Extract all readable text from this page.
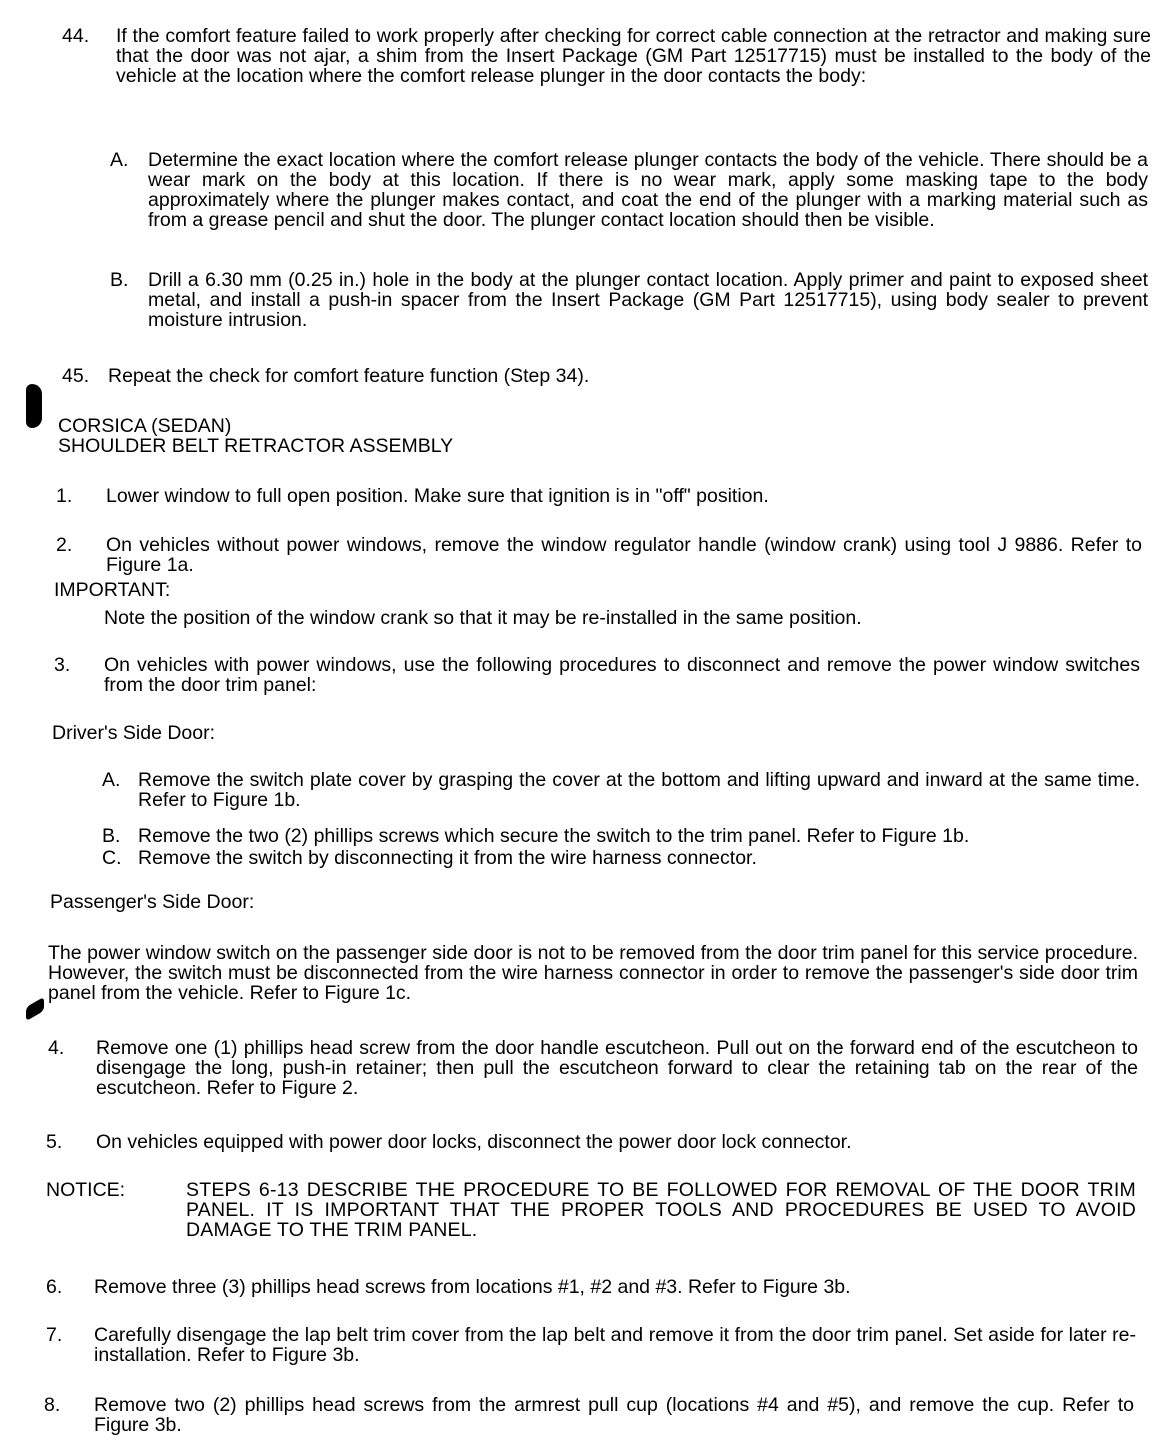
44. If the comfort feature failed to work properly after checking for correct cable connection at the retractor and making sure that the door was not ajar, a shim from the Insert Package (GM Part 12517715) must be installed to the body of the vehicle at the location where the comfort release plunger in the door contacts the body:
A. Determine the exact location where the comfort release plunger contacts the body of the vehicle. There should be a wear mark on the body at this location. If there is no wear mark, apply some masking tape to the body approximately where the plunger makes contact, and coat the end of the plunger with a marking material such as from a grease pencil and shut the door. The plunger contact location should then be visible.
B. Drill a 6.30 mm (0.25 in.) hole in the body at the plunger contact location. Apply primer and paint to exposed sheet metal, and install a push-in spacer from the Insert Package (GM Part 12517715), using body sealer to prevent moisture intrusion.
45. Repeat the check for comfort feature function (Step 34).
CORSICA (SEDAN)
SHOULDER BELT RETRACTOR ASSEMBLY
1. Lower window to full open position. Make sure that ignition is in "off" position.
2. On vehicles without power windows, remove the window regulator handle (window crank) using tool J 9886. Refer to Figure 1a.
IMPORTANT:
Note the position of the window crank so that it may be re-installed in the same position.
3. On vehicles with power windows, use the following procedures to disconnect and remove the power window switches from the door trim panel:
Driver's Side Door:
A. Remove the switch plate cover by grasping the cover at the bottom and lifting upward and inward at the same time. Refer to Figure 1b.
B. Remove the two (2) phillips screws which secure the switch to the trim panel. Refer to Figure 1b.
C. Remove the switch by disconnecting it from the wire harness connector.
Passenger's Side Door:
The power window switch on the passenger side door is not to be removed from the door trim panel for this service procedure. However, the switch must be disconnected from the wire harness connector in order to remove the passenger's side door trim panel from the vehicle. Refer to Figure 1c.
4. Remove one (1) phillips head screw from the door handle escutcheon. Pull out on the forward end of the escutcheon to disengage the long, push-in retainer; then pull the escutcheon forward to clear the retaining tab on the rear of the escutcheon. Refer to Figure 2.
5. On vehicles equipped with power door locks, disconnect the power door lock connector.
NOTICE:	STEPS 6-13 DESCRIBE THE PROCEDURE TO BE FOLLOWED FOR REMOVAL OF THE DOOR TRIM PANEL. IT IS IMPORTANT THAT THE PROPER TOOLS AND PROCEDURES BE USED TO AVOID DAMAGE TO THE TRIM PANEL.
6. Remove three (3) phillips head screws from locations #1, #2 and #3. Refer to Figure 3b.
7. Carefully disengage the lap belt trim cover from the lap belt and remove it from the door trim panel. Set aside for later re-installation. Refer to Figure 3b.
8. Remove two (2) phillips head screws from the armrest pull cup (locations #4 and #5), and remove the cup. Refer to Figure 3b.
